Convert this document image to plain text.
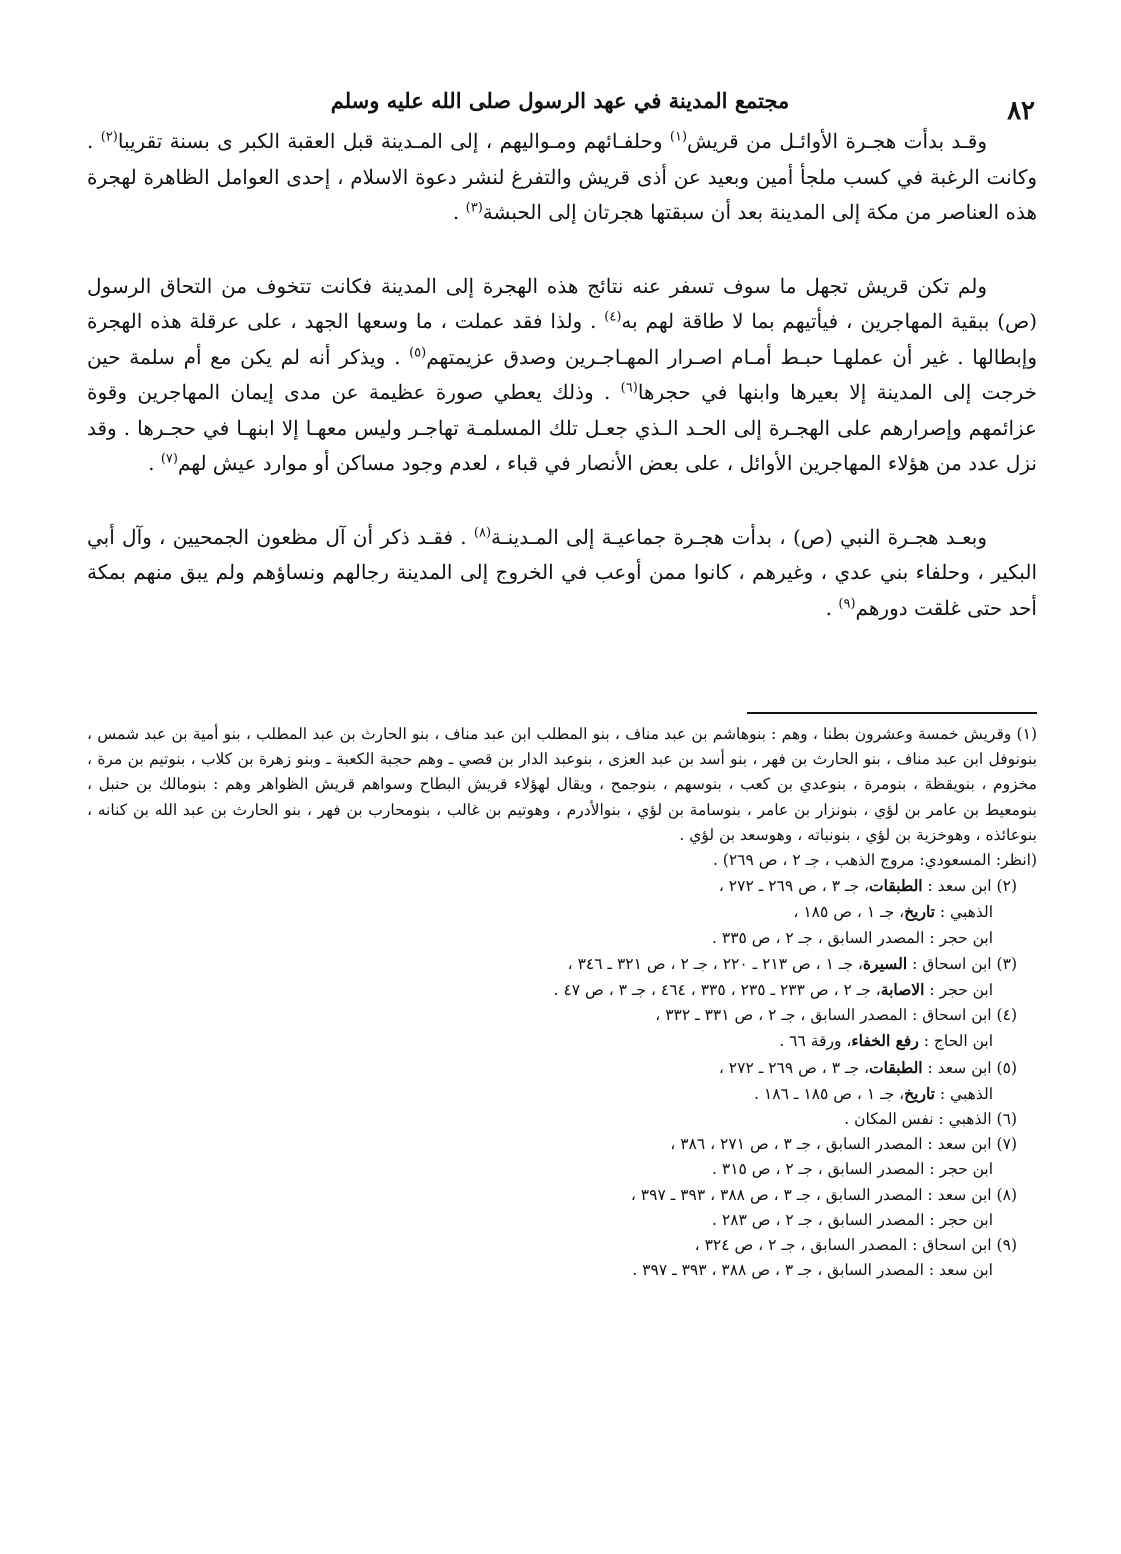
٨٢

مجتمع المدينة في عهد الرسول صلى الله عليه وسلم

وقـد بدأت هجـرة الأوائـل من قريش$^{(١)}$ وحلفـائهم ومـواليهم ، إلى المـدينة قبل العقبة الكبر ى بسنة تقريبا$^{(٢)}$ . وكانت الرغبة في كسب ملجأ أمين وبعيد عن أذى قريش والتفرغ لنشر دعوة الاسلام ، إحدى العوامل الظاهرة لهجرة هذه العناصر من مكة إلى المدينة بعد أن سبقتها هجرتان إلى الحبشة$^{(٣)}$ .

ولم تكن قريش تجهل ما سوف تسفر عنه نتائج هذه الهجرة إلى المدينة فكانت تتخوف من التحاق الرسول (ص) ببقية المهاجرين ، فيأتيهم بما لا طاقة لهم به$^{(٤)}$ . ولذا فقد عملت ، ما وسعها الجهد ، على عرقلة هذه الهجرة وإبطالها . غير أن عملهـا حبـط أمـام اصـرار المهـاجـرين وصدق عزيمتهم$^{(٥)}$ . ويذكر أنه لم يكن مع أم سلمة حين خرجت إلى المدينة إلا بعيرها وابنها في حجرها$^{(٦)}$ . وذلك يعطي صورة عظيمة عن مدى إيمان المهاجرين وقوة عزائمهم وإصرارهم على الهجـرة إلى الحـد الـذي جعـل تلك المسلمـة تهاجـر وليس معهـا إلا ابنهـا في حجـرها . وقد نزل عدد من هؤلاء المهاجرين الأوائل ، على بعض الأنصار في قباء ، لعدم وجود مساكن أو موارد عيش لهم$^{(٧)}$ .

وبعـد هجـرة النبي (ص) ، بدأت هجـرة جماعيـة إلى المـدينـة$^{(٨)}$ . فقـد ذكر أن آل مظعون الجمحيين ، وآل أبي البكير ، وحلفاء بني عدي ، وغيرهم ، كانوا ممن أوعب في الخروج إلى المدينة رجالهم ونساؤهم ولم يبق منهم بمكة أحد حتى غلقت دورهم$^{(٩)}$ .

(١) وقريش خمسة وعشرون بطنا ، وهم : بنوهاشم بن عبد مناف ، بنو المطلب ابن عبد مناف ، بنو الحارث بن عبد المطلب ، بنو أمية بن عبد شمس ، بنونوفل ابن عبد مناف ، بنو الحارث بن فهر ، بنو أسد بن عبد العزى ، بنوعبد الدار بن قصي ـ وهم حجبة الكعبة ـ وبنو زهرة بن كلاب ، بنوتيم بن مرة ، مخزوم ، بنويقظة ، بنومرة ، بنوعدي بن كعب ، بنوسهم ، بنوجمح ، ويقال لهؤلاء قريش البطاح وسواهم قريش الظواهر وهم : بنومالك بن حنبل ، بنومعيط بن عامر بن لؤي ، بنونزار بن عامر ، بنوسامة بن لؤي ، بنوالأدرم ، وهوتيم بن غالب ، بنومحارب بن فهر ، بنو الحارث بن عبد الله بن كنانه ، بنوعائذه ، وهوخزية بن لؤي ، بنونباته ، وهوسعد بن لؤي .

(انظر: المسعودي: مروج الذهب ، جـ ٢ ، ص ٢٦٩) .

(٢) ابن سعد : الطبقات، جـ ٣ ، ص ٢٦٩ ـ ٢٧٢ ،

الذهبي : تاريخ، جـ ١ ، ص ١٨٥ ،

ابن حجر : المصدر السابق ، جـ ٢ ، ص ٣٣٥ .

(٣) ابن اسحاق : السيرة، جـ ١ ، ص ٢١٣ ـ ٢٢٠ ، جـ ٢ ، ص ٣٢١ ـ ٣٤٦ ،

ابن حجر : الاصابة، جـ ٢ ، ص ٢٣٣ ـ ٢٣٥ ، ٣٣٥ ، ٤٦٤ ، جـ ٣ ، ص ٤٧ .

(٤) ابن اسحاق : المصدر السابق ، جـ ٢ ، ص ٣٣١ ـ ٣٣٢ ،

ابن الحاج : رفع الخفاء، ورقة ٦٦ .

(٥) ابن سعد : الطبقات، جـ ٣ ، ص ٢٦٩ ـ ٢٧٢ ،

الذهبي : تاريخ، جـ ١ ، ص ١٨٥ ـ ١٨٦ .

(٦) الذهبي : نفس المكان .

(٧) ابن سعد : المصدر السابق ، جـ ٣ ، ص ٢٧١ ، ٣٨٦ ،

ابن حجر : المصدر السابق ، جـ ٢ ، ص ٣١٥ .

(٨) ابن سعد : المصدر السابق ، جـ ٣ ، ص ٣٨٨ ، ٣٩٣ ـ ٣٩٧ ،

ابن حجر : المصدر السابق ، جـ ٢ ، ص ٢٨٣ .

(٩) ابن اسحاق : المصدر السابق ، جـ ٢ ، ص ٣٢٤ ،

ابن سعد : المصدر السابق ، جـ ٣ ، ص ٣٨٨ ، ٣٩٣ ـ ٣٩٧ .
